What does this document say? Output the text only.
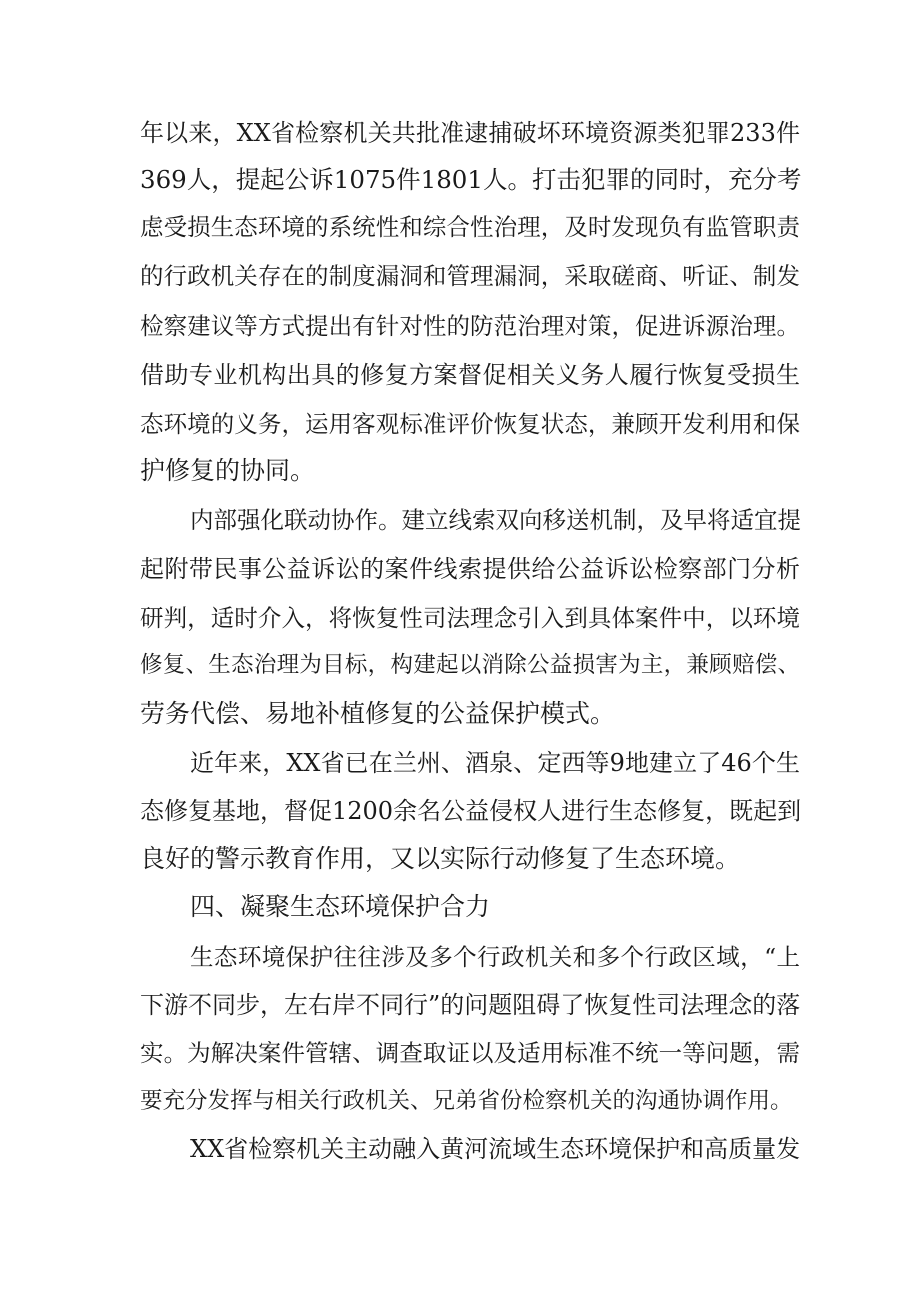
年以来，XX省检察机关共批准逮捕破坏环境资源类犯罪233件
369人，提起公诉1075件1801人。打击犯罪的同时，充分考
虑受损生态环境的系统性和综合性治理，及时发现负有监管职责
的行政机关存在的制度漏洞和管理漏洞，采取磋商、听证、制发
检察建议等方式提出有针对性的防范治理对策，促进诉源治理。
借助专业机构出具的修复方案督促相关义务人履行恢复受损生
态环境的义务，运用客观标准评价恢复状态，兼顾开发利用和保
护修复的协同。
内部强化联动协作。建立线索双向移送机制，及早将适宜提
起附带民事公益诉讼的案件线索提供给公益诉讼检察部门分析
研判，适时介入，将恢复性司法理念引入到具体案件中，以环境
修复、生态治理为目标，构建起以消除公益损害为主，兼顾赔偿、
劳务代偿、易地补植修复的公益保护模式。
近年来，XX省已在兰州、酒泉、定西等9地建立了46个生
态修复基地，督促1200余名公益侵权人进行生态修复，既起到
良好的警示教育作用，又以实际行动修复了生态环境。
四、凝聚生态环境保护合力
生态环境保护往往涉及多个行政机关和多个行政区域，“上
下游不同步，左右岸不同行”的问题阻碍了恢复性司法理念的落
实。为解决案件管辖、调查取证以及适用标准不统一等问题，需
要充分发挥与相关行政机关、兄弟省份检察机关的沟通协调作用。
XX省检察机关主动融入黄河流域生态环境保护和高质量发
